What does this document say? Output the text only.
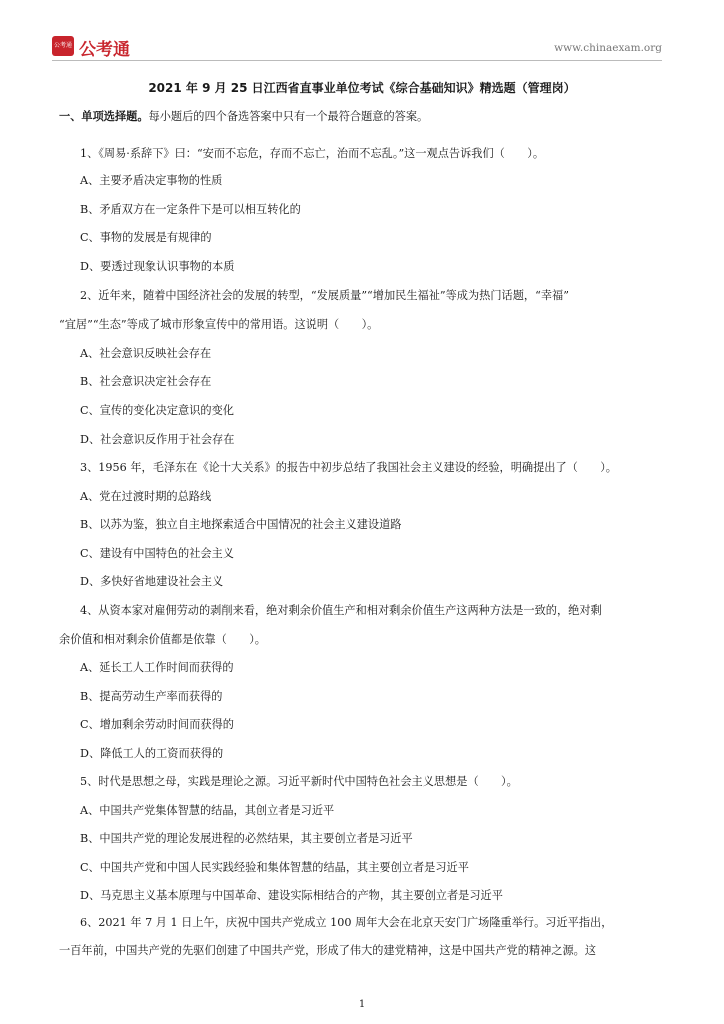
公考通 公考通	www.chinaexam.org
2021 年 9 月 25 日江西省直事业单位考试《综合基础知识》精选题（管理岗）
一、单项选择题。每小题后的四个备选答案中只有一个最符合题意的答案。
1、《周易·系辞下》曰：“安而不忘危，存而不忘亡，治而不忘乱。”这一观点告诉我们（　　）。
A、主要矛盾决定事物的性质
B、矛盾双方在一定条件下是可以相互转化的
C、事物的发展是有规律的
D、要透过现象认识事物的本质
2、近年来，随着中国经济社会的发展的转型，“发展质量”“增加民生福祉”等成为热门话题，“幸福”
“宜居”“生态”等成了城市形象宣传中的常用语。这说明（　　）。
A、社会意识反映社会存在
B、社会意识决定社会存在
C、宣传的变化决定意识的变化
D、社会意识反作用于社会存在
3、1956 年，毛泽东在《论十大关系》的报告中初步总结了我国社会主义建设的经验，明确提出了（　　）。
A、党在过渡时期的总路线
B、以苏为鉴，独立自主地探索适合中国情况的社会主义建设道路
C、建设有中国特色的社会主义
D、多快好省地建设社会主义
4、从资本家对雇佣劳动的剥削来看，绝对剩余价值生产和相对剩余价值生产这两种方法是一致的，绝对剩
余价值和相对剩余价值都是依靠（　　）。
A、延长工人工作时间而获得的
B、提高劳动生产率而获得的
C、增加剩余劳动时间而获得的
D、降低工人的工资而获得的
5、时代是思想之母，实践是理论之源。习近平新时代中国特色社会主义思想是（　　）。
A、中国共产党集体智慧的结晶，其创立者是习近平
B、中国共产党的理论发展进程的必然结果，其主要创立者是习近平
C、中国共产党和中国人民实践经验和集体智慧的结晶，其主要创立者是习近平
D、马克思主义基本原理与中国革命、建设实际相结合的产物，其主要创立者是习近平
6、2021 年 7 月 1 日上午，庆祝中国共产党成立 100 周年大会在北京天安门广场隆重举行。习近平指出，
一百年前，中国共产党的先驱们创建了中国共产党，形成了伟大的建党精神，这是中国共产党的精神之源。这
1
